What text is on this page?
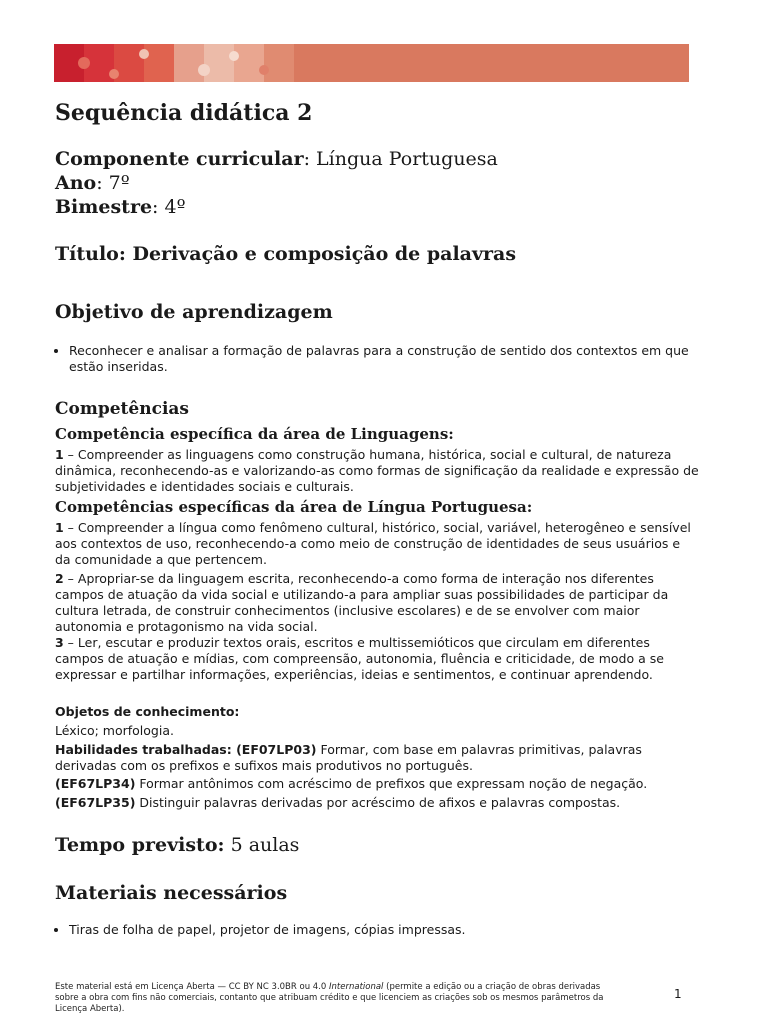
Sequência didática 2
Componente curricular: Língua Portuguesa
Ano: 7º
Bimestre: 4º
Título: Derivação e composição de palavras
Objetivo de aprendizagem
• Reconhecer e analisar a formação de palavras para a construção de sentido dos contextos em que estão inseridas.
Competências
Competência específica da área de Linguagens:

1 – Compreender as linguagens como construção humana, histórica, social e cultural, de natureza dinâmica, reconhecendo-as e valorizando-as como formas de significação da realidade e expressão de subjetividades e identidades sociais e culturais.

Competências específicas da área de Língua Portuguesa:

1 – Compreender a língua como fenômeno cultural, histórico, social, variável, heterogêneo e sensível aos contextos de uso, reconhecendo-a como meio de construção de identidades de seus usuários e da comunidade a que pertencem.

2 – Apropriar-se da linguagem escrita, reconhecendo-a como forma de interação nos diferentes campos de atuação da vida social e utilizando-a para ampliar suas possibilidades de participar da cultura letrada, de construir conhecimentos (inclusive escolares) e de se envolver com maior autonomia e protagonismo na vida social.

3 – Ler, escutar e produzir textos orais, escritos e multissemióticos que circulam em diferentes campos de atuação e mídias, com compreensão, autonomia, fluência e criticidade, de modo a se expressar e partilhar informações, experiências, ideias e sentimentos, e continuar aprendendo.

Objetos de conhecimento:

Léxico; morfologia.

Habilidades trabalhadas: (EF07LP03) Formar, com base em palavras primitivas, palavras derivadas com os prefixos e sufixos mais produtivos no português.

(EF67LP34) Formar antônimos com acréscimo de prefixos que expressam noção de negação.

(EF67LP35) Distinguir palavras derivadas por acréscimo de afixos e palavras compostas.

Tempo previsto: 5 aulas
Materiais necessários
• Tiras de folha de papel, projetor de imagens, cópias impressas.
Este material está em Licença Aberta — CC BY NC 3.0BR ou 4.0 International (permite a edição ou a criação de obras derivadas sobre a obra com fins não comerciais, contanto que atribuam crédito e que licenciem as criações sob os mesmos parâmetros da Licença Aberta).
1
